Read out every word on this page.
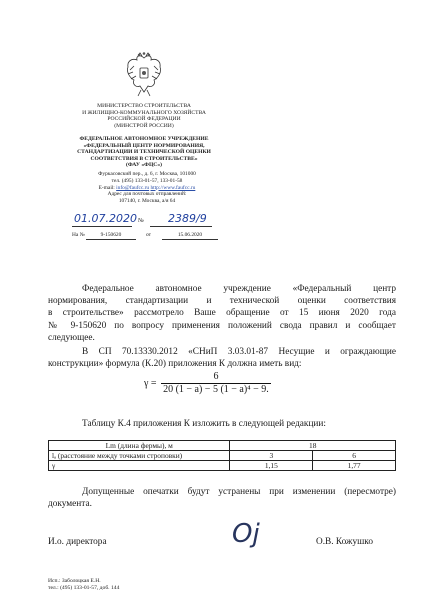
МИНИСТЕРСТВО СТРОИТЕЛЬСТВА
И ЖИЛИЩНО-КОММУНАЛЬНОГО ХОЗЯЙСТВА
РОССИЙСКОЙ ФЕДЕРАЦИИ
(МИНСТРОЙ РОССИИ)
ФЕДЕРАЛЬНОЕ АВТОНОМНОЕ УЧРЕЖДЕНИЕ
«ФЕДЕРАЛЬНЫЙ ЦЕНТР НОРМИРОВАНИЯ,
СТАНДАРТИЗАЦИИ И ТЕХНИЧЕСКОЙ ОЦЕНКИ
СООТВЕТСТВИЯ В СТРОИТЕЛЬСТВЕ»
(ФАУ «ФЦС»)
Фуркасовский пер., д. 6, г. Москва, 101000
тел. (495) 133-01-57, 133-01-58
E-mail: info@faufcc.ru http://www.faufcc.ru
Адрес для почтовых отправлений:
107140, г. Москва, а/я 64
01.07.2020	2389/9
№
На №	9-150620	от	15.06.2020
Федеральное автономное учреждение «Федеральный центр
нормирования, стандартизации и технической оценки соответствия
в строительстве» рассмотрело Ваше обращение от 15 июня 2020 года
№ 9-150620 по вопросу применения положений свода правил и сообщает
следующее.
В СП 70.13330.2012 «СНиП 3.03.01-87 Несущие и ограждающие
конструкции» формула (К.20) приложения К должна иметь вид:
$\gamma = \frac{6}{\text{20 (1 − a) − 5 (1 − a)⁴ − 9.}}$
Таблицу К.4 приложения К изложить в следующей редакции:
Lm (длина фермы), м	18	
lₐ (расстояние между точками строповки)	3	6
γ	1,15	1,77
Допущенные опечатки будут устранены при изменении (пересмотре)
документа.
И.о. директора	Ој	О.В. Кожушко
Исп.: Заболоцкая Е.Н.
тел.: (495) 133-01-57, доб. 144
